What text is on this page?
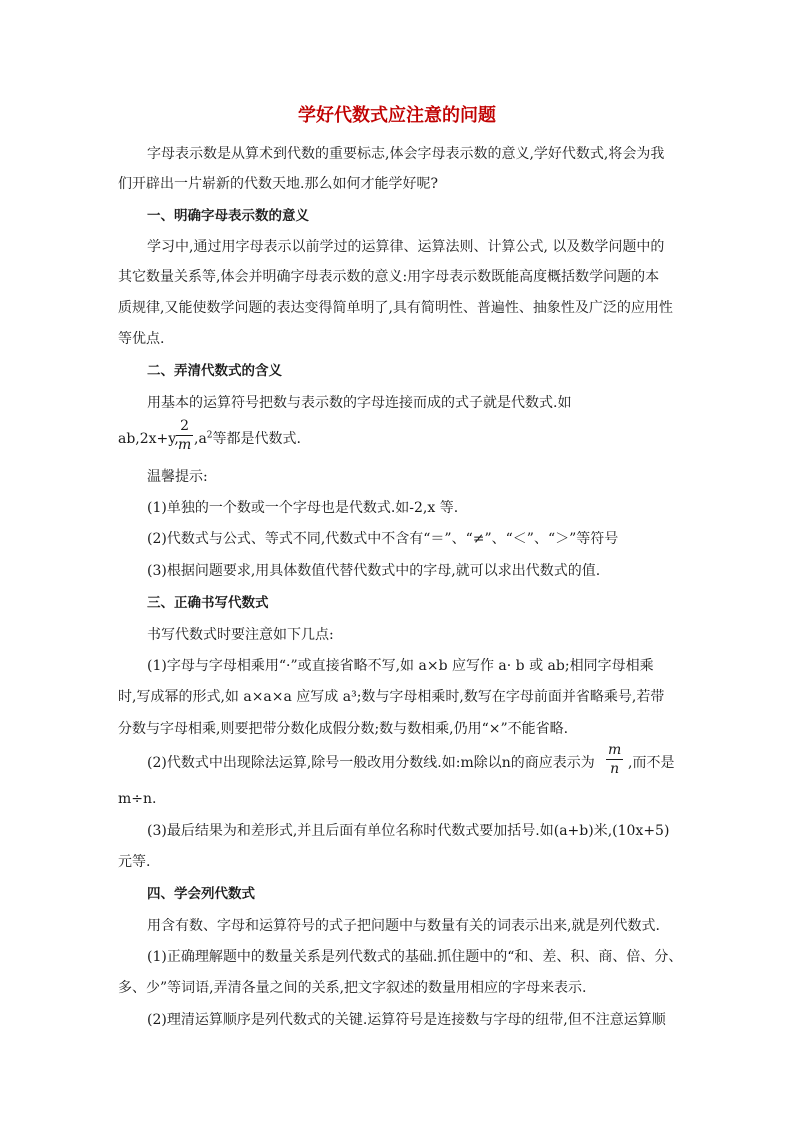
学好代数式应注意的问题
字母表示数是从算术到代数的重要标志,体会字母表示数的意义,学好代数式,将会为我
们开辟出一片崭新的代数天地.那么如何才能学好呢?
一、明确字母表示数的意义
学习中,通过用字母表示以前学过的运算律、运算法则、计算公式, 以及数学问题中的
其它数量关系等,体会并明确字母表示数的意义:用字母表示数既能高度概括数学问题的本
质规律,又能使数学问题的表达变得简单明了,具有简明性、普遍性、抽象性及广泛的应用性
等优点.
二、弄清代数式的含义
用基本的运算符号把数与表示数的字母连接而成的式子就是代数式.如
ab,2x+y,
2
m $,a^2$等都是代数式.
温馨提示:
(1)单独的一个数或一个字母也是代数式.如-2,x 等.
(2)代数式与公式、等式不同,代数式中不含有“＝”、“≠”、“＜”、“＞”等符号
(3)根据问题要求,用具体数值代替代数式中的字母,就可以求出代数式的值.
三、正确书写代数式
书写代数式时要注意如下几点:
(1)字母与字母相乘用“·”或直接省略不写,如 a×b 应写作 a· b 或 ab;相同字母相乘
时,写成幂的形式,如 a×a×a 应写成 a³;数与字母相乘时,数写在字母前面并省略乘号,若带
分数与字母相乘,则要把带分数化成假分数;数与数相乘,仍用“×”不能省略.
(2)代数式中出现除法运算,除号一般改用分数线.如:m除以n的商应表示为
m
n ,而不是
m÷n.
(3)最后结果为和差形式,并且后面有单位名称时代数式要加括号.如(a+b)米,(10x+5)
元等.
四、学会列代数式
用含有数、字母和运算符号的式子把问题中与数量有关的词表示出来,就是列代数式.
(1)正确理解题中的数量关系是列代数式的基础.抓住题中的“和、差、积、商、倍、分、
多、少”等词语,弄清各量之间的关系,把文字叙述的数量用相应的字母来表示.
(2)理清运算顺序是列代数式的关键.运算符号是连接数与字母的纽带,但不注意运算顺
